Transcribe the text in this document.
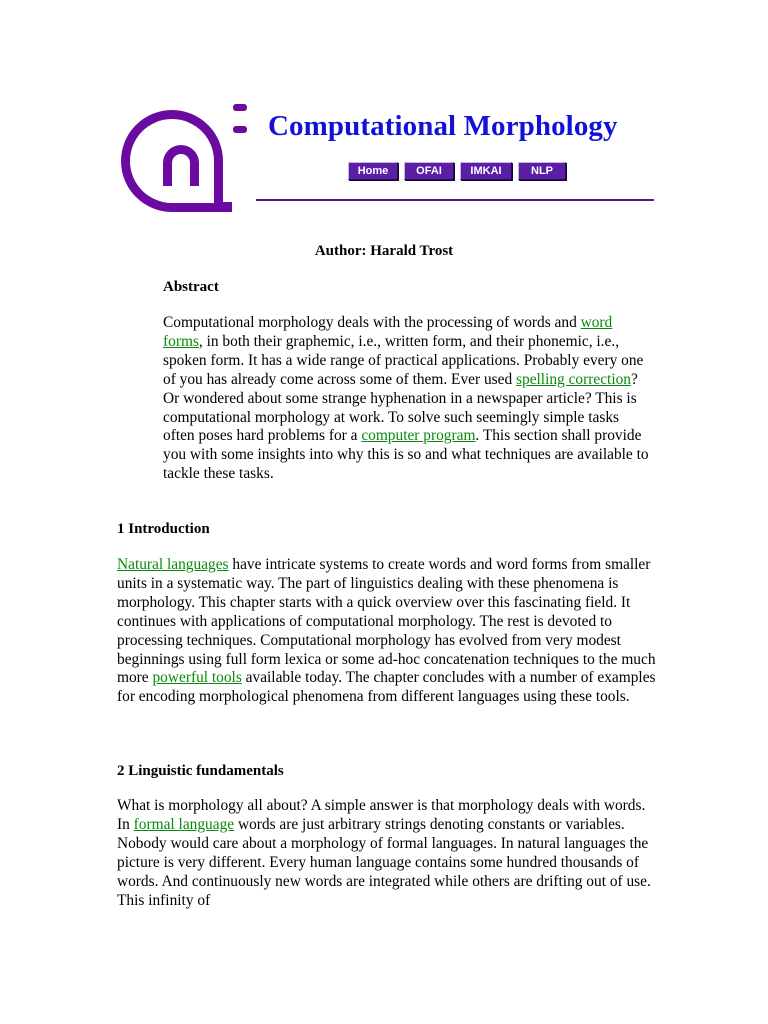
Computational Morphology
Home	OFAI	IMKAI	NLP

Author: Harald Trost

Abstract

Computational morphology deals with the processing of words and word forms, in both their graphemic, i.e., written form, and their phonemic, i.e., spoken form. It has a wide range of practical applications. Probably every one of you has already come across some of them. Ever used spelling correction? Or wondered about some strange hyphenation in a newspaper article? This is computational morphology at work. To solve such seemingly simple tasks often poses hard problems for a computer program. This section shall provide you with some insights into why this is so and what techniques are available to tackle these tasks.

1 Introduction

Natural languages have intricate systems to create words and word forms from smaller units in a systematic way. The part of linguistics dealing with these phenomena is morphology. This chapter starts with a quick overview over this fascinating field. It continues with applications of computational morphology. The rest is devoted to processing techniques. Computational morphology has evolved from very modest beginnings using full form lexica or some ad-hoc concatenation techniques to the much more powerful tools available today. The chapter concludes with a number of examples for encoding morphological phenomena from different languages using these tools.

2 Linguistic fundamentals

What is morphology all about? A simple answer is that morphology deals with words. In formal language words are just arbitrary strings denoting constants or variables. Nobody would care about a morphology of formal languages. In natural languages the picture is very different. Every human language contains some hundred thousands of words. And continuously new words are integrated while others are drifting out of use. This infinity of
